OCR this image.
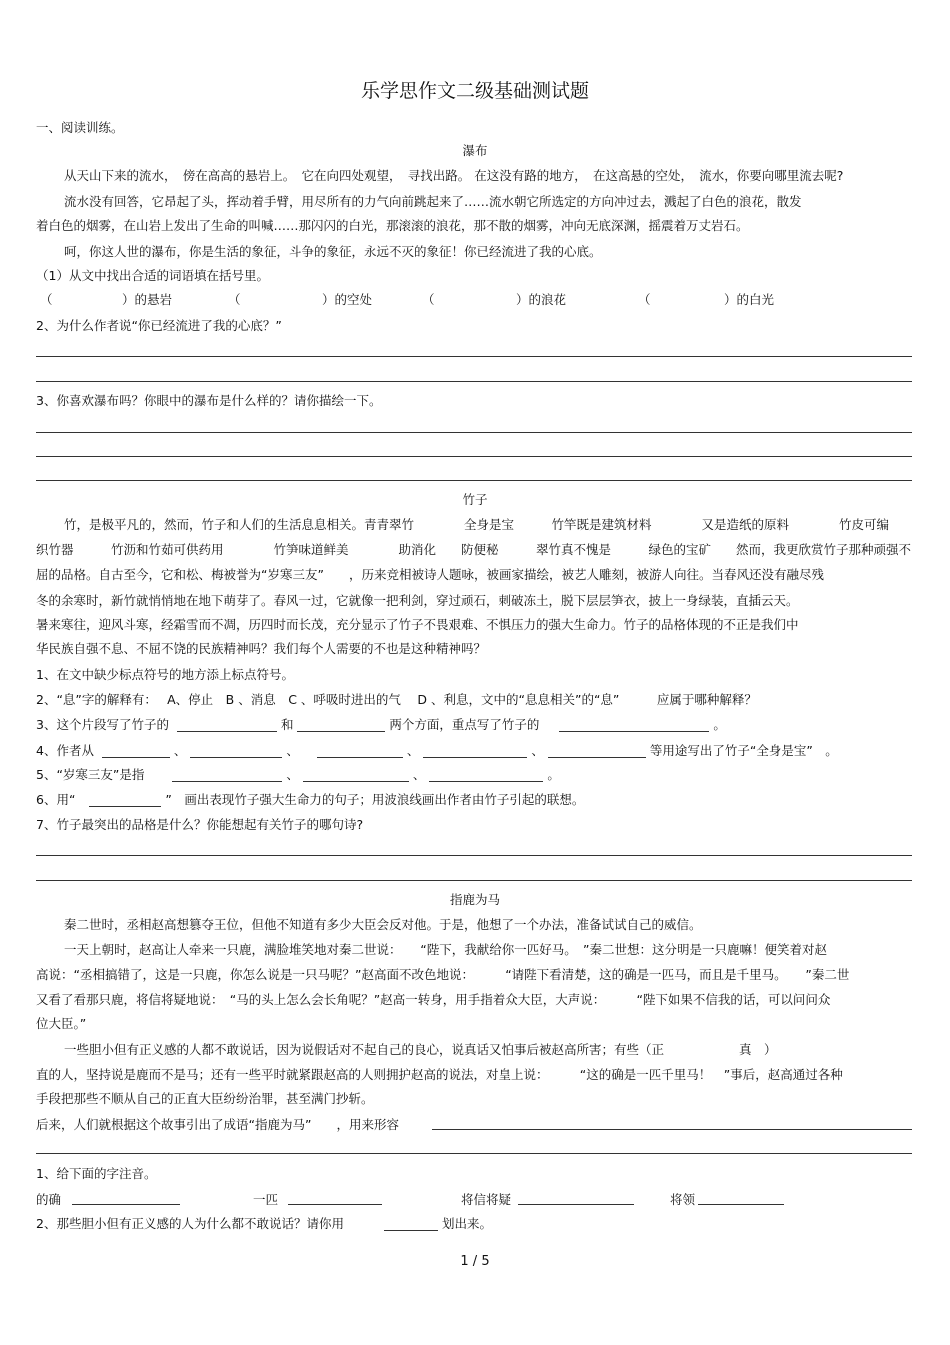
乐学思作文二级基础测试题
一、阅读训练。
瀑布
从天山下来的流水，　傍在高高的悬岩上。　它在向四处观望，　寻找出路。 在这没有路的地方，　在这高悬的空处，　流水，你要向哪里流去呢?
流水没有回答，它昂起了头，挥动着手臂，用尽所有的力气向前跳起来了……流水朝它所选定的方向冲过去，溅起了白色的浪花，散发
着白色的烟雾，在山岩上发出了生命的叫喊……那闪闪的白光，那滚滚的浪花，那不散的烟雾，冲向无底深渊，摇震着万丈岩石。
呵，你这人世的瀑布，你是生活的象征，斗争的象征，永远不灭的象征！你已经流进了我的心底。
（1）从文中找出合适的词语填在括号里。
（	）的悬岩	（	）的空处	（	）的浪花	（	）的白光
2、为什么作者说“你已经流进了我的心底？”
3、你喜欢瀑布吗？你眼中的瀑布是什么样的？请你描绘一下。
竹子
竹，是极平凡的，然而，竹子和人们的生活息息相关。青青翠竹　　　　全身是宝　　　竹竿既是建筑材料　　　　又是造纸的原料　　　　竹皮可编
织竹器　　　竹沥和竹茹可供药用　　　　竹笋味道鲜美　　　　助消化　　防便秘　　　翠竹真不愧是　　　绿色的宝矿　　然而，我更欣赏竹子那种顽强不
屈的品格。自古至今，它和松、梅被誉为“岁寒三友”　　，历来竞相被诗人题咏，被画家描绘，被艺人雕刻，被游人向往。当春风还没有融尽残
冬的余寒时，新竹就悄悄地在地下萌芽了。春风一过，它就像一把利剑，穿过顽石，刺破冻土，脱下层层笋衣，披上一身绿装，直插云天。
暑来寒往，迎风斗寒，经霜雪而不凋，历四时而长茂，充分显示了竹子不畏艰难、不惧压力的强大生命力。竹子的品格体现的不正是我们中
华民族自强不息、不屈不饶的民族精神吗？我们每个人需要的不也是这种精神吗？
1、在文中缺少标点符号的地方添上标点符号。
2、“息”字的解释有：　 A、停止　B 、消息　C 、呼吸时进出的气　 D 、利息，文中的“息息相关”的“息”　　　应属于哪种解释？
3、这个片段写了竹子的	和	两个方面，重点写了竹子的	。
4、作者从	、	、	、	、	等用途写出了竹子“全身是宝”　。
5、“岁寒三友”是指	、	、	。
6、用“	”　画出表现竹子强大生命力的句子；用波浪线画出作者由竹子引起的联想。
7、竹子最突出的品格是什么？你能想起有关竹子的哪句诗?
指鹿为马
秦二世时，丞相赵高想篡夺王位，但他不知道有多少大臣会反对他。于是，他想了一个办法，准备试试自己的威信。
一天上朝时，赵高让人牵来一只鹿，满脸堆笑地对秦二世说：　　“陛下，我献给你一匹好马。　”秦二世想：这分明是一只鹿嘛！便笑着对赵
高说：“丞相搞错了，这是一只鹿，你怎么说是一只马呢？”赵高面不改色地说：　　　“请陛下看清楚，这的确是一匹马，而且是千里马。　　”秦二世
又看了看那只鹿，将信将疑地说：　“马的头上怎么会长角呢？”赵高一转身，用手指着众大臣，大声说：　　　“陛下如果不信我的话，可以问问众
位大臣。”
一些胆小但有正义感的人都不敢说话，因为说假话对不起自己的良心，说真话又怕事后被赵高所害；有些（正　　　　　　真　）
直的人，坚持说是鹿而不是马；还有一些平时就紧跟赵高的人则拥护赵高的说法，对皇上说：　　　“这的确是一匹千里马！　”事后，赵高通过各种
手段把那些不顺从自己的正直大臣纷纷治罪，甚至满门抄斩。
后来，人们就根据这个故事引出了成语“指鹿为马”　　，用来形容
1、给下面的字注音。
的确	一匹	将信将疑	将领
2、那些胆小但有正义感的人为什么都不敢说话？请你用	划出来。
1 / 5
